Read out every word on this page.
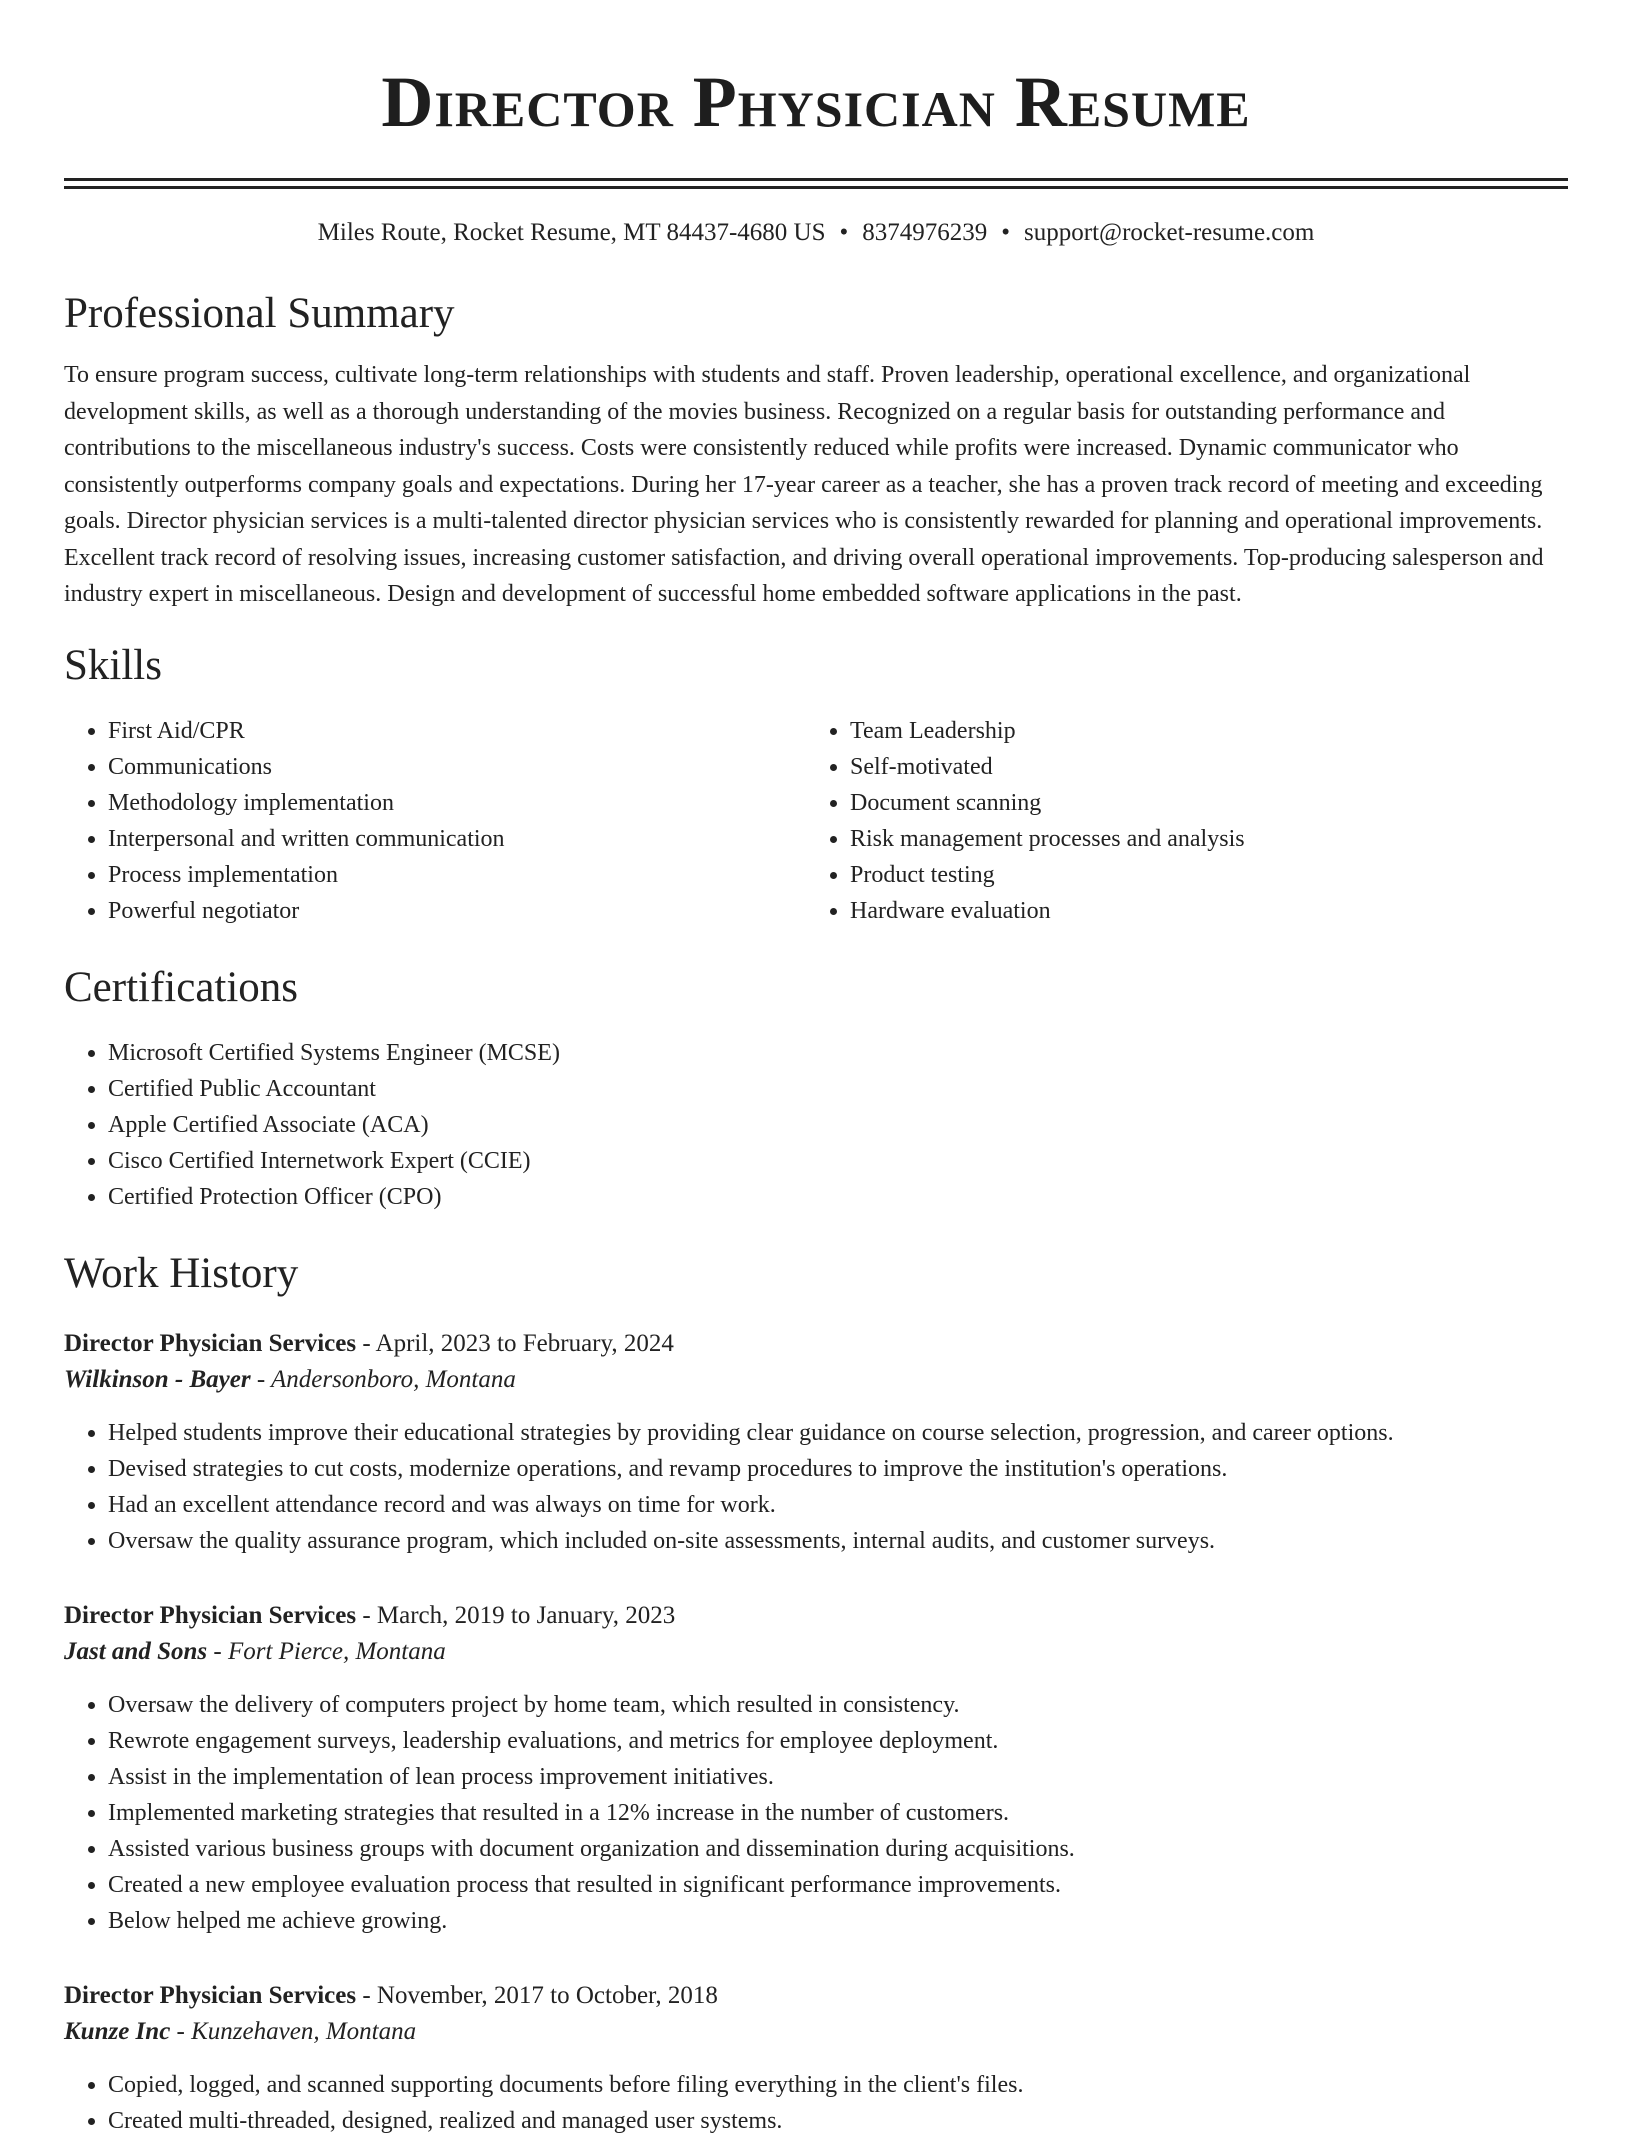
Director Physician Resume
Miles Route, Rocket Resume, MT 84437-4680 US • 8374976239 • support@rocket-resume.com
Professional Summary

To ensure program success, cultivate long-term relationships with students and staff. Proven leadership, operational excellence, and organizational development skills, as well as a thorough understanding of the movies business. Recognized on a regular basis for outstanding performance and contributions to the miscellaneous industry's success. Costs were consistently reduced while profits were increased. Dynamic communicator who consistently outperforms company goals and expectations. During her 17-year career as a teacher, she has a proven track record of meeting and exceeding goals. Director physician services is a multi-talented director physician services who is consistently rewarded for planning and operational improvements. Excellent track record of resolving issues, increasing customer satisfaction, and driving overall operational improvements. Top-producing salesperson and industry expert in miscellaneous. Design and development of successful home embedded software applications in the past.

Skills
• First Aid/CPR
• Communications
• Methodology implementation
• Interpersonal and written communication
• Process implementation
• Powerful negotiator
• Team Leadership
• Self-motivated
• Document scanning
• Risk management processes and analysis
• Product testing
• Hardware evaluation
Certifications
• Microsoft Certified Systems Engineer (MCSE)
• Certified Public Accountant
• Apple Certified Associate (ACA)
• Cisco Certified Internetwork Expert (CCIE)
• Certified Protection Officer (CPO)
Work History
Director Physician Services - April, 2023 to February, 2024
Wilkinson - Bayer - Andersonboro, Montana
• Helped students improve their educational strategies by providing clear guidance on course selection, progression, and career options.
• Devised strategies to cut costs, modernize operations, and revamp procedures to improve the institution's operations.
• Had an excellent attendance record and was always on time for work.
• Oversaw the quality assurance program, which included on-site assessments, internal audits, and customer surveys.
Director Physician Services - March, 2019 to January, 2023
Jast and Sons - Fort Pierce, Montana
• Oversaw the delivery of computers project by home team, which resulted in consistency.
• Rewrote engagement surveys, leadership evaluations, and metrics for employee deployment.
• Assist in the implementation of lean process improvement initiatives.
• Implemented marketing strategies that resulted in a 12% increase in the number of customers.
• Assisted various business groups with document organization and dissemination during acquisitions.
• Created a new employee evaluation process that resulted in significant performance improvements.
• Below helped me achieve growing.
Director Physician Services - November, 2017 to October, 2018
Kunze Inc - Kunzehaven, Montana
• Copied, logged, and scanned supporting documents before filing everything in the client's files.
• Created multi-threaded, designed, realized and managed user systems.
